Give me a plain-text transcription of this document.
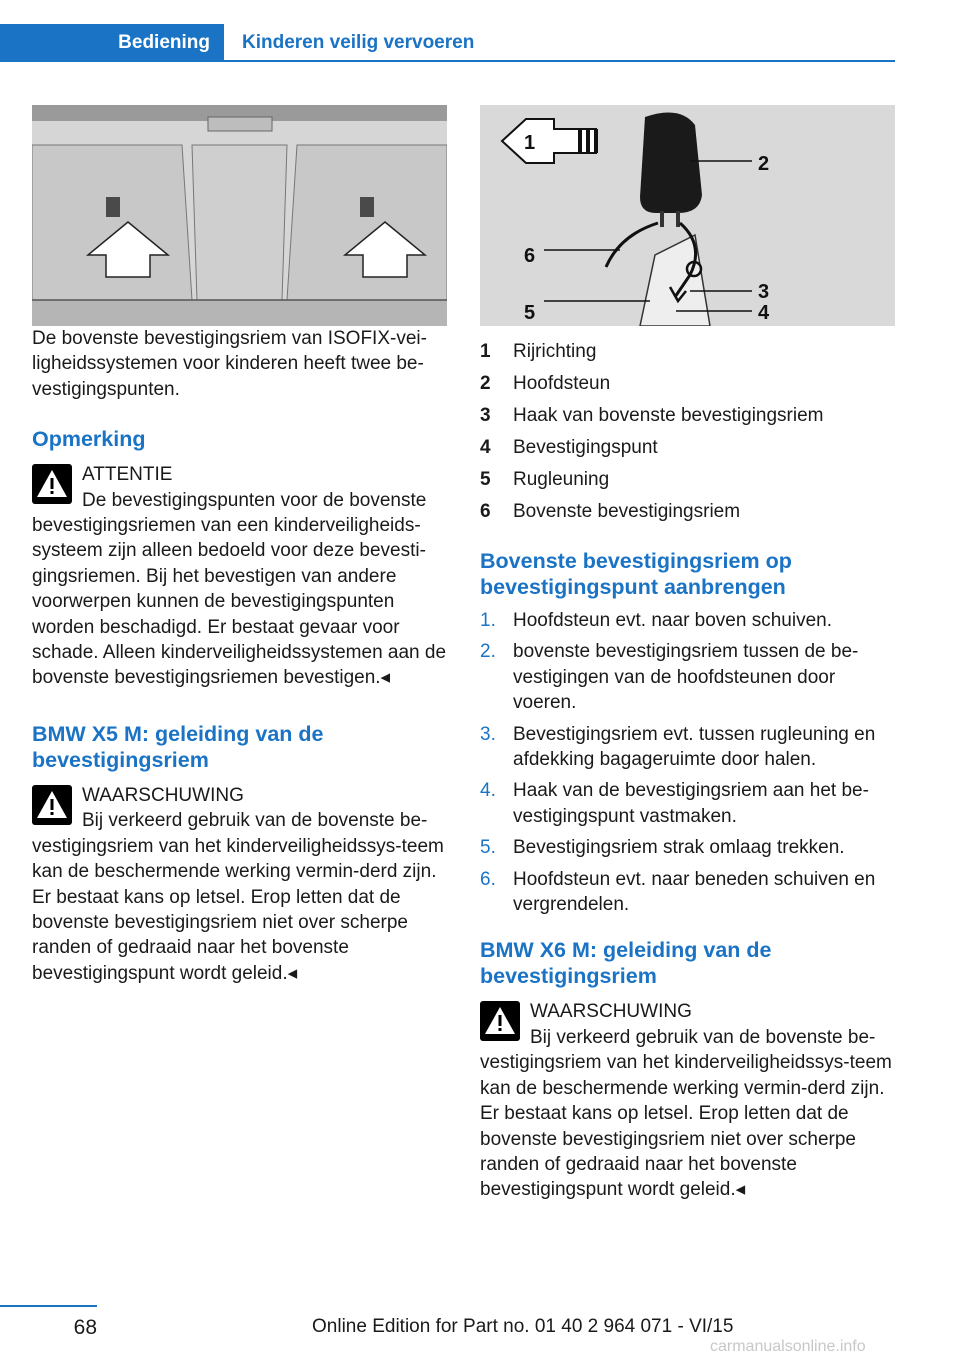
Bediening	Kinderen veilig vervoeren

De bovenste bevestigingsriem van ISOFIX-vei-ligheidssystemen voor kinderen heeft twee be-vestigingspunten.

Opmerking

ATTENTIE

De bevestigingspunten voor de bovenste bevestigingsriemen van een kinderveiligheids-systeem zijn alleen bedoeld voor deze bevesti-gingsriemen. Bij het bevestigen van andere voorwerpen kunnen de bevestigingspunten worden beschadigd. Er bestaat gevaar voor schade. Alleen kinderveiligheidssystemen aan de bovenste bevestigingsriemen bevestigen.◂

BMW X5 M: geleiding van de bevestigingsriem

WAARSCHUWING

Bij verkeerd gebruik van de bovenste be-vestigingsriem van het kinderveiligheidssys-teem kan de beschermende werking vermin-derd zijn. Er bestaat kans op letsel. Erop letten dat de bovenste bevestigingsriem niet over scherpe randen of gedraaid naar het bovenste bevestigingspunt wordt geleid.◂

1
2
3
4
5
6
1 Rijrichting
2 Hoofdsteun
3 Haak van bovenste bevestigingsriem
4 Bevestigingspunt
5 Rugleuning
6 Bovenste bevestigingsriem
Bovenste bevestigingsriem op bevestigingspunt aanbrengen
1. Hoofdsteun evt. naar boven schuiven.
2. bovenste bevestigingsriem tussen de be-vestigingen van de hoofdsteunen door voeren.
3. Bevestigingsriem evt. tussen rugleuning en afdekking bagageruimte door halen.
4. Haak van de bevestigingsriem aan het be-vestigingspunt vastmaken.
5. Bevestigingsriem strak omlaag trekken.
6. Hoofdsteun evt. naar beneden schuiven en vergrendelen.
BMW X6 M: geleiding van de bevestigingsriem

WAARSCHUWING

Bij verkeerd gebruik van de bovenste be-vestigingsriem van het kinderveiligheidssys-teem kan de beschermende werking vermin-derd zijn. Er bestaat kans op letsel. Erop letten dat de bovenste bevestigingsriem niet over scherpe randen of gedraaid naar het bovenste bevestigingspunt wordt geleid.◂

68	Online Edition for Part no. 01 40 2 964 071 - VI/15
carmanualsonline.info
